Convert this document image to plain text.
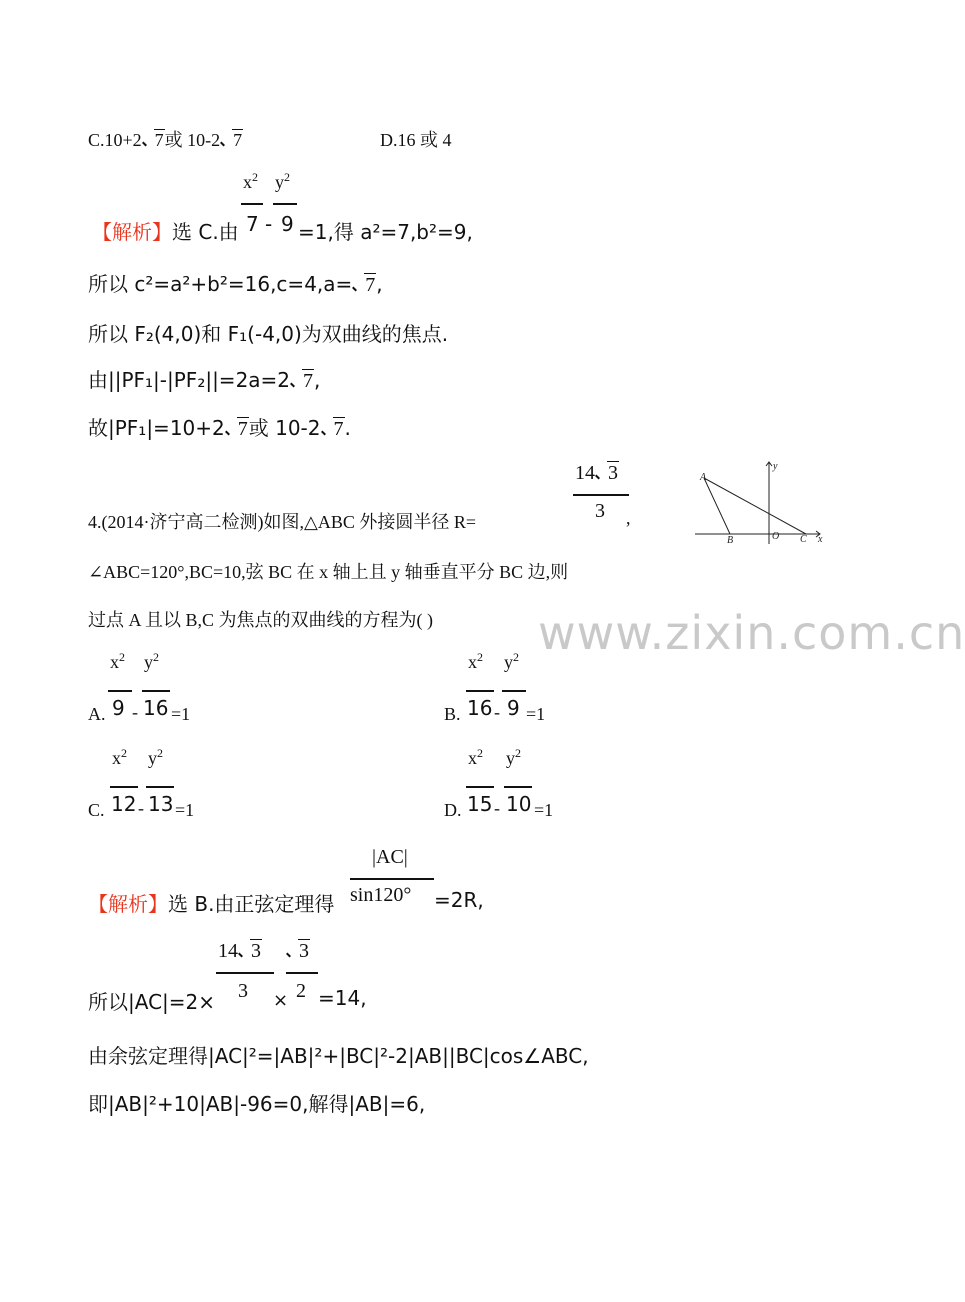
C.10+2 7或 10-2 7	D.16 或 4
$x^2$ $y^2$
【解析】选 C.由 7 - 9 =1,得 a²=7,b²=9,
所以 c²=a²+b²=16,c=4,a= 7,
所以 F₂(4,0)和 F₁(-4,0)为双曲线的焦点.
由||PF₁|-|PF₂||=2a=2 7,
故|PF₁|=10+2 7或 10-2 7.
14 3
3
4.(2014·济宁高二检测)如图,△ABC 外接圆半径 R=	,
A
B	O C x
y
∠ABC=120°,BC=10,弦 BC 在 x 轴上且 y 轴垂直平分 BC 边,则
过点 A 且以 B,C 为焦点的双曲线的方程为( ) www.zixin.com.cn
$x^2$ $y^2$
A. 9 - 16 =1
$x^2$ $y^2$
B. 16 - 9 =1
$x^2$ $y^2$
C. 12 - 13 =1
$x^2$ $y^2$
D. 15 - 10 =1
|AC|
sin120°
【解析】选 B.由正弦定理得	=2R,
14 3
3
3
2
所以|AC|=2×	× =14,
由余弦定理得|AC|²=|AB|²+|BC|²-2|AB||BC|cos∠ABC,
即|AB|²+10|AB|-96=0,解得|AB|=6,
